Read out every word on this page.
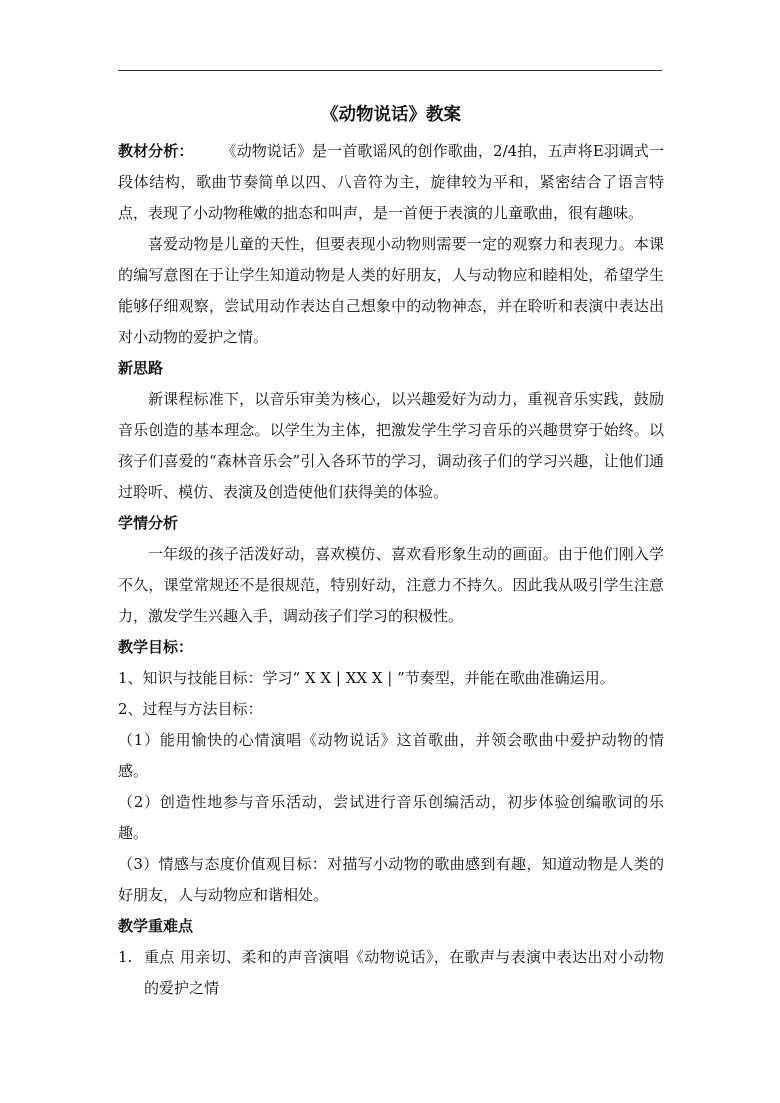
《动物说话》教案

教材分析： 《动物说话》是一首歌谣风的创作歌曲，2/4拍，五声将E羽调式一段体结构，歌曲节奏简单以四、八音符为主，旋律较为平和，紧密结合了语言特点，表现了小动物稚嫩的拙态和叫声，是一首便于表演的儿童歌曲，很有趣味。

喜爱动物是儿童的天性，但要表现小动物则需要一定的观察力和表现力。本课的编写意图在于让学生知道动物是人类的好朋友，人与动物应和睦相处，希望学生能够仔细观察，尝试用动作表达自己想象中的动物神态，并在聆听和表演中表达出对小动物的爱护之情。

新思路

新课程标准下，以音乐审美为核心，以兴趣爱好为动力，重视音乐实践，鼓励音乐创造的基本理念。以学生为主体，把激发学生学习音乐的兴趣贯穿于始终。以孩子们喜爱的“森林音乐会”引入各环节的学习，调动孩子们的学习兴趣，让他们通过聆听、模仿、表演及创造使他们获得美的体验。

学情分析

一年级的孩子活泼好动，喜欢模仿、喜欢看形象生动的画面。由于他们刚入学不久，课堂常规还不是很规范，特别好动，注意力不持久。因此我从吸引学生注意力，激发学生兴趣入手，调动孩子们学习的积极性。

教学目标：

1、知识与技能目标：学习“ X X | XX X | ”节奏型，并能在歌曲准确运用。

2、过程与方法目标：

（1）能用愉快的心情演唱《动物说话》这首歌曲，并领会歌曲中爱护动物的情感。

（2）创造性地参与音乐活动，尝试进行音乐创编活动，初步体验创编歌词的乐趣。

（3）情感与态度价值观目标：对描写小动物的歌曲感到有趣，知道动物是人类的好朋友，人与动物应和谐相处。

教学重难点

1. 重点 用亲切、柔和的声音演唱《动物说话》，在歌声与表演中表达出对小动物的爱护之情
